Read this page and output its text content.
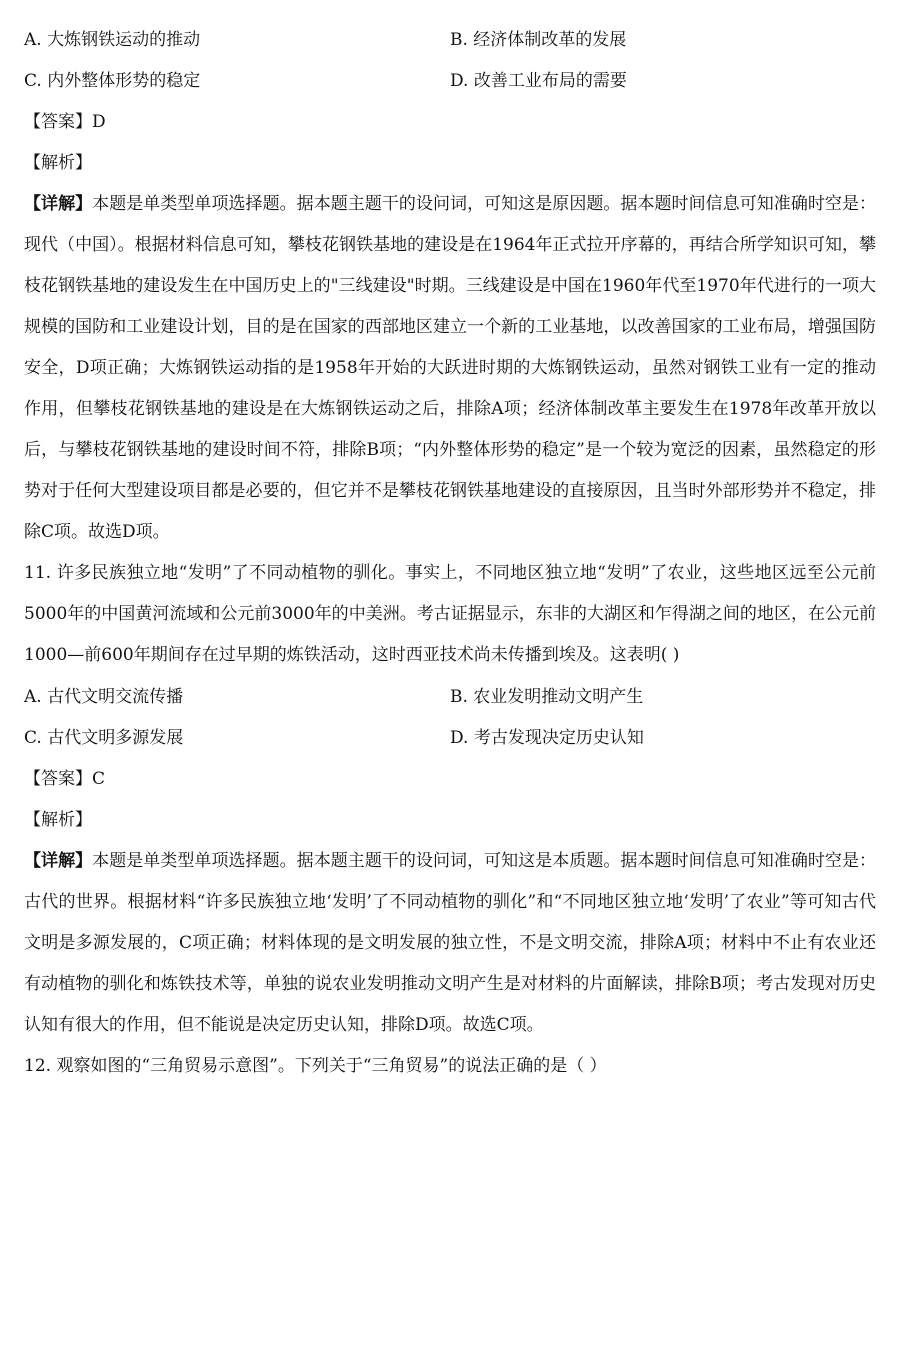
A. 大炼钢铁运动的推动	B. 经济体制改革的发展
C. 内外整体形势的稳定	D. 改善工业布局的需要
【答案】D
【解析】
【详解】本题是单类型单项选择题。据本题主题干的设问词，可知这是原因题。据本题时间信息可知准确时空是：现代（中国）。根据材料信息可知，攀枝花钢铁基地的建设是在1964年正式拉开序幕的，再结合所学知识可知，攀枝花钢铁基地的建设发生在中国历史上的"三线建设"时期。三线建设是中国在1960年代至1970年代进行的一项大规模的国防和工业建设计划，目的是在国家的西部地区建立一个新的工业基地，以改善国家的工业布局，增强国防安全，D项正确；大炼钢铁运动指的是1958年开始的大跃进时期的大炼钢铁运动，虽然对钢铁工业有一定的推动作用，但攀枝花钢铁基地的建设是在大炼钢铁运动之后，排除A项；经济体制改革主要发生在1978年改革开放以后，与攀枝花钢铁基地的建设时间不符，排除B项；“内外整体形势的稳定”是一个较为宽泛的因素，虽然稳定的形势对于任何大型建设项目都是必要的，但它并不是攀枝花钢铁基地建设的直接原因，且当时外部形势并不稳定，排除C项。故选D项。
11. 许多民族独立地“发明”了不同动植物的驯化。事实上，不同地区独立地“发明”了农业，这些地区远至公元前5000年的中国黄河流域和公元前3000年的中美洲。考古证据显示，东非的大湖区和乍得湖之间的地区，在公元前1000—前600年期间存在过早期的炼铁活动，这时西亚技术尚未传播到埃及。这表明( )
A. 古代文明交流传播	B. 农业发明推动文明产生
C. 古代文明多源发展	D. 考古发现决定历史认知
【答案】C
【解析】
【详解】本题是单类型单项选择题。据本题主题干的设问词，可知这是本质题。据本题时间信息可知准确时空是：古代的世界。根据材料“许多民族独立地‘发明’了不同动植物的驯化”和“不同地区独立地‘发明’了农业”等可知古代文明是多源发展的，C项正确；材料体现的是文明发展的独立性，不是文明交流，排除A项；材料中不止有农业还有动植物的驯化和炼铁技术等，单独的说农业发明推动文明产生是对材料的片面解读，排除B项；考古发现对历史认知有很大的作用，但不能说是决定历史认知，排除D项。故选C项。
12. 观察如图的“三角贸易示意图”。下列关于“三角贸易”的说法正确的是（ ）
